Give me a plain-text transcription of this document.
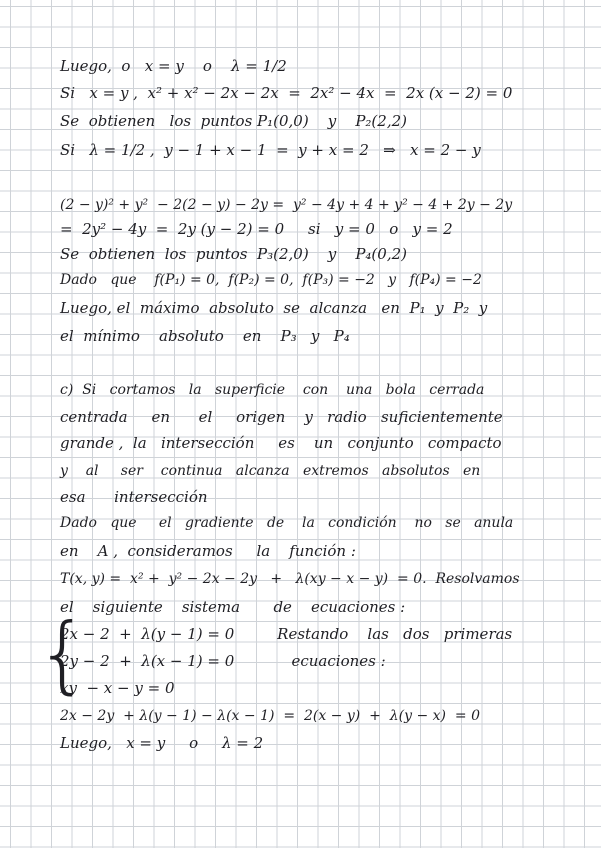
Luego,  o   x = y    o    λ = 1/2
Si   x = y ,  x² + x² − 2x − 2x  =  2x² − 4x  =  2x (x − 2) = 0
Se  obtienen   los  puntos P₁(0,0)    y    P₂(2,2)
Si   λ = 1/2 ,  y − 1 + x − 1  =  y + x = 2   ⇒   x = 2 − y
(2 − y)² + y²  − 2(2 − y) − 2y =  y² − 4y + 4 + y² − 4 + 2y − 2y
=  2y² − 4y  =  2y (y − 2) = 0     si   y = 0   o   y = 2
Se  obtienen  los  puntos  P₃(2,0)    y    P₄(0,2)
Dado   que    f(P₁) = 0,  f(P₂) = 0,  f(P₃) = −2   y   f(P₄) = −2
Luego, el  máximo  absoluto  se  alcanza   en  P₁  y  P₂  y
el  mínimo    absoluto    en    P₃   y   P₄
c)  Si   cortamos   la   superficie    con    una   bola   cerrada
centrada     en      el     origen    y   radio   suficientemente
grande ,  la   intersección     es    un   conjunto   compacto
y    al     ser    continua   alcanza   extremos   absolutos   en
esa      intersección
Dado   que     el   gradiente   de    la   condición    no   se   anula
en    A ,  consideramos     la    función :
T(x, y) =  x² +  y² − 2x − 2y   +   λ(xy − x − y)  = 0.  Resolvamos
el    siguiente    sistema       de    ecuaciones :
{
2x − 2  +  λ(y − 1) = 0         Restando    las   dos   primeras
2y − 2  +  λ(x − 1) = 0            ecuaciones :
xy  − x − y = 0
2x − 2y  + λ(y − 1) − λ(x − 1)  =  2(x − y)  +  λ(y − x)  = 0
Luego,   x = y     o     λ = 2
